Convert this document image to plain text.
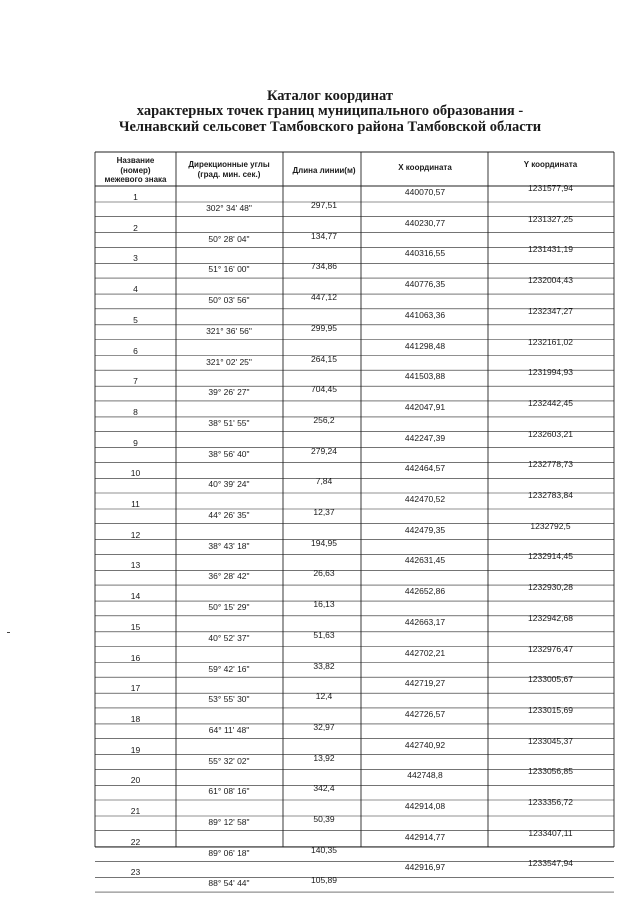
Каталог координат
характерных точек границ муниципального образования -
Челнавский сельсовет Тамбовского района Тамбовской области
Название
(номер)
межевого знака
Дирекционные углы
(град. мин. сек.)	Длина линии(м)	X координата	Y координата
1	440070,57	1231577,94
302° 34' 48"	297,51
2	440230,77	1231327,25
50° 28' 04"	134,77
3	440316,55	1231431,19
51° 16' 00"	734,86
4	440776,35	1232004,43
50° 03' 56"	447,12
5	441063,36	1232347,27
321° 36' 56"	299,95
6	441298,48	1232161,02
321° 02' 25"	264,15
7	441503,88	1231994,93
39° 26' 27"	704,45
8	442047,91	1232442,45
38° 51' 55"	256,2
9	442247,39	1232603,21
38° 56' 40"	279,24
10	442464,57	1232778,73
40° 39' 24"	7,84
11	442470,52	1232783,84
44° 26' 35"	12,37
12	442479,35	1232792,5
38° 43' 18"	194,95
13	442631,45	1232914,45
36° 28' 42"	26,63
14	442652,86	1232930,28
50° 15' 29"	16,13
15	442663,17	1232942,68
40° 52' 37"	51,63
16	442702,21	1232976,47
59° 42' 16"	33,82
17	442719,27	1233005,67
53° 55' 30"	12,4
18	442726,57	1233015,69
64° 11' 48"	32,97
19	442740,92	1233045,37
55° 32' 02"	13,92
20	442748,8	1233056,85
61° 08' 16"	342,4
21	442914,08	1233356,72
89° 12' 58"	50,39
22	442914,77	1233407,11
89° 06' 18"	140,35
23	442916,97	1233547,94
88° 54' 44"	105,89
